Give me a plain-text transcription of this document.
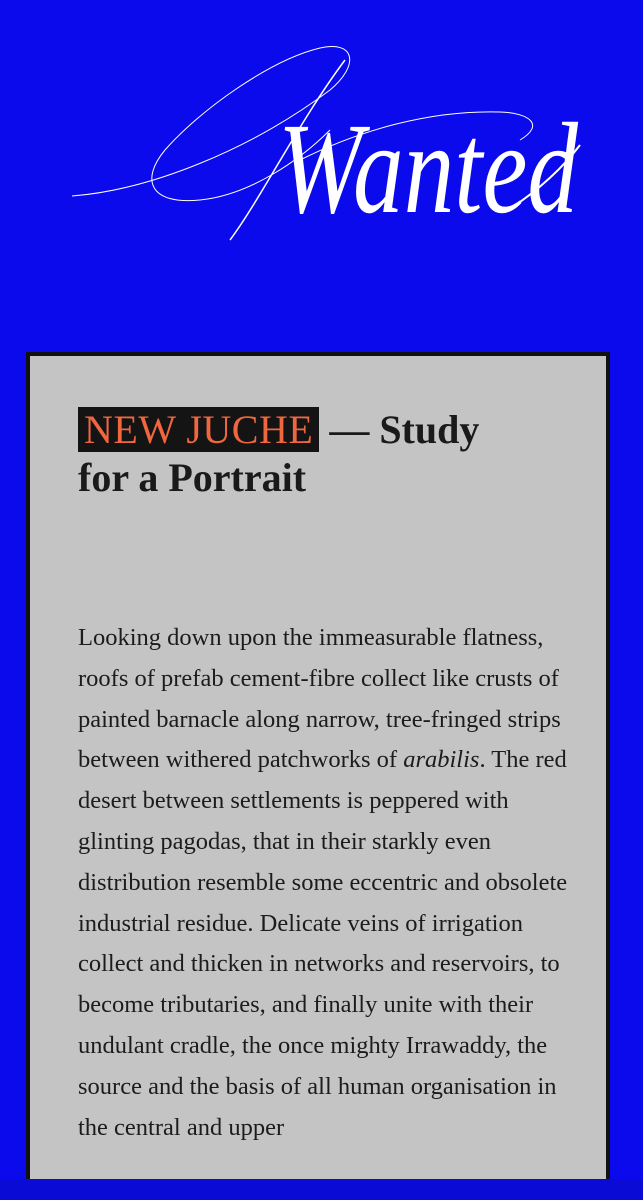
Wanted
NEW JUCHE — Study for a Portrait

Looking down upon the immeasurable flatness, roofs of prefab cement-fibre collect like crusts of painted barnacle along narrow, tree-fringed strips between withered patchworks of arabilis. The red desert between settlements is peppered with glinting pagodas, that in their starkly even distribution resemble some eccentric and obsolete industrial residue. Delicate veins of irrigation collect and thicken in networks and reservoirs, to become tributaries, and finally unite with their undulant cradle, the once mighty Irrawaddy, the source and the basis of all human organisation in the central and upper
